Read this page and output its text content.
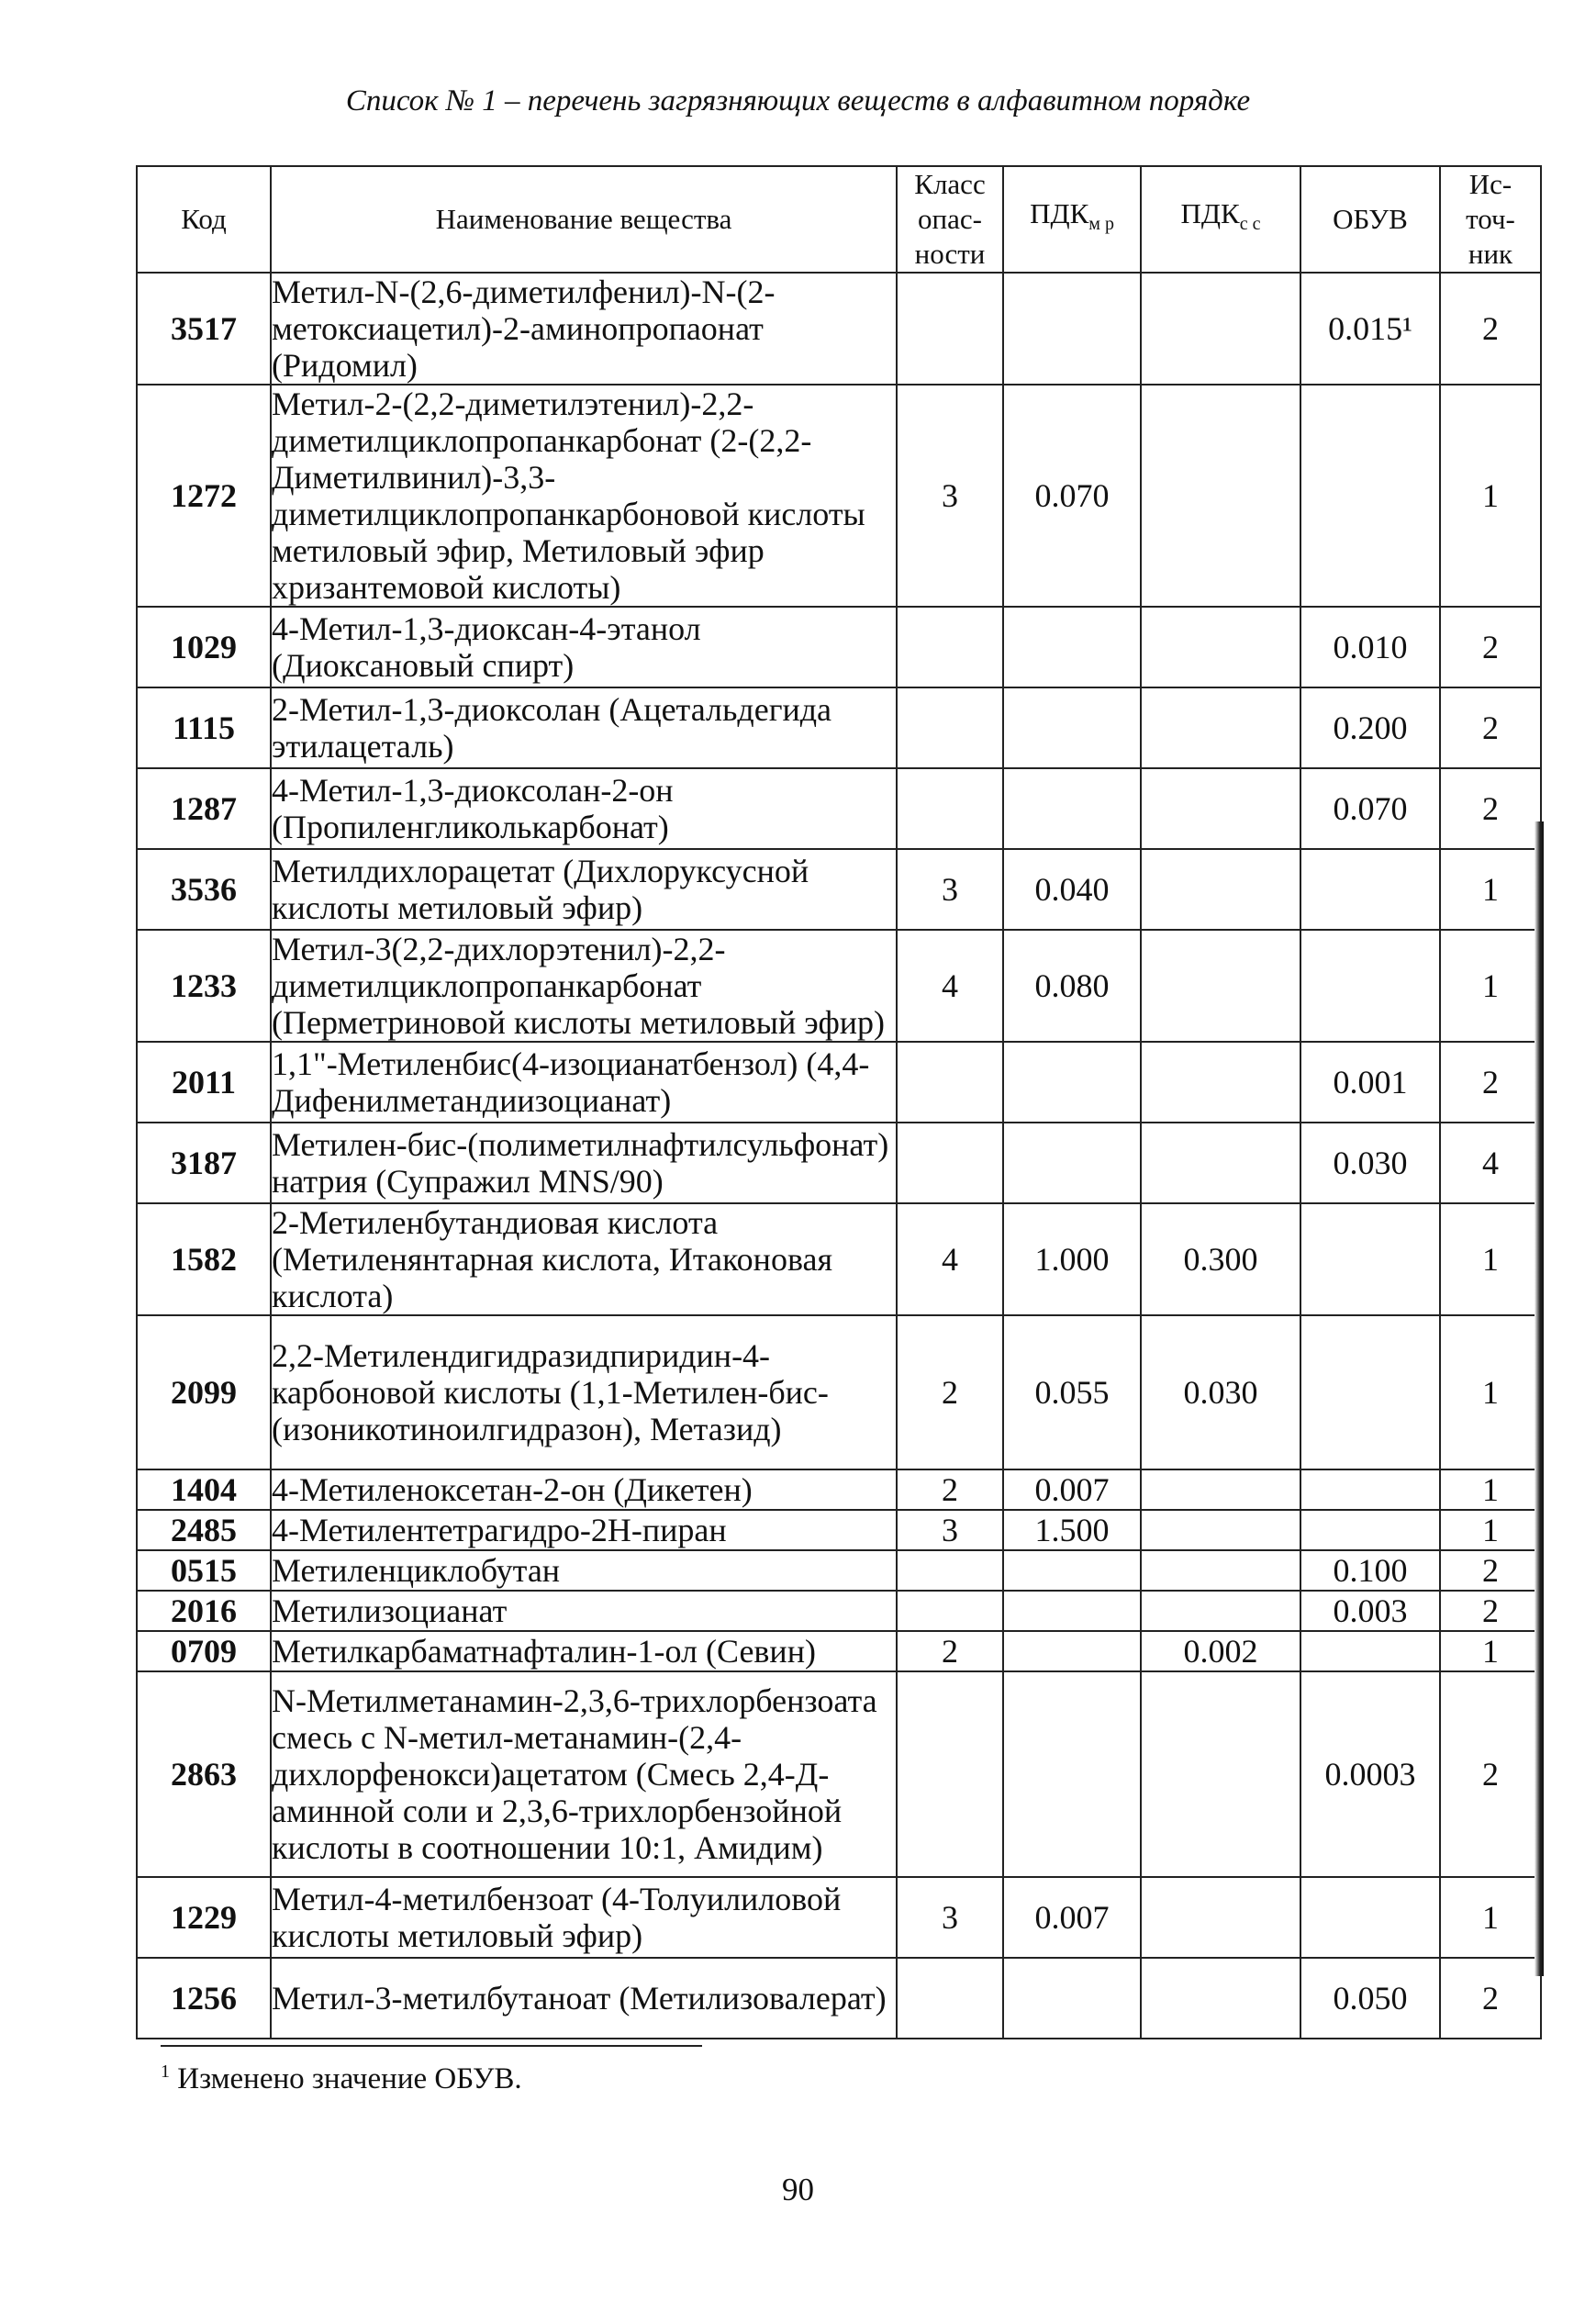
Список № 1 – перечень загрязняющих веществ в алфавитном порядке
Код	Наименование вещества	Класс
опас-
ности	$ПДК_{м р}$	$ПДК_{с с}$	ОБУВ	Ис-
точ-
ник
3517	Метил-N-(2,6-диметилфенил)-N-(2-метоксиацетил)-2-аминопропаонат (Ридомил)				0.015¹	2
1272	Метил-2-(2,2-диметилэтенил)-2,2-диметилциклопропанкарбонат (2-(2,2-Диметилвинил)-3,3-диметилциклопропанкарбоновой кислоты метиловый эфир, Метиловый эфир хризантемовой кислоты)	3	0.070			1
1029	4-Метил-1,3-диоксан-4-этанол (Диоксановый спирт)				0.010	2
1115	2-Метил-1,3-диоксолан (Ацетальдегида этилацеталь)				0.200	2
1287	4-Метил-1,3-диоксолан-2-он (Пропиленгликолькарбонат)				0.070	2
3536	Метилдихлорацетат (Дихлоруксусной кислоты метиловый эфир)	3	0.040			1
1233	Метил-3(2,2-дихлорэтенил)-2,2-диметилциклопропанкарбонат (Перметриновой кислоты метиловый эфир)	4	0.080			1
2011	1,1"-Метиленбис(4-изоцианатбензол) (4,4-Дифенилметандиизоцианат)				0.001	2
3187	Метилен-бис-(полиметилнафтилсульфонат) натрия (Супражил MNS/90)				0.030	4
1582	2-Метиленбутандиовая кислота (Метиленянтарная кислота, Итаконовая кислота)	4	1.000	0.300		1
2099	2,2-Метилендигидразидпиридин-4-карбоновой кислоты (1,1-Метилен-бис-(изоникотиноилгидразон), Метазид)	2	0.055	0.030		1
1404	4-Метиленоксетан-2-он (Дикетен)	2	0.007			1
2485	4-Метилентетрагидро-2Н-пиран	3	1.500			1
0515	Метиленциклобутан				0.100	2
2016	Метилизоцианат				0.003	2
0709	Метилкарбаматнафталин-1-ол (Севин)	2		0.002		1
2863	N-Метилметанамин-2,3,6-трихлорбензоата смесь с N-метил-метанамин-(2,4-дихлорфенокси)ацетатом (Смесь 2,4-Д-аминной соли и 2,3,6-трихлорбензойной кислоты в соотношении 10:1, Амидим)				0.0003	2
1229	Метил-4-метилбензоат (4-Толуилиловой кислоты метиловый эфир)	3	0.007			1
1256	Метил-3-метилбутаноат (Метилизовалерат)				0.050	2
$^1$ Изменено значение ОБУВ.
90
